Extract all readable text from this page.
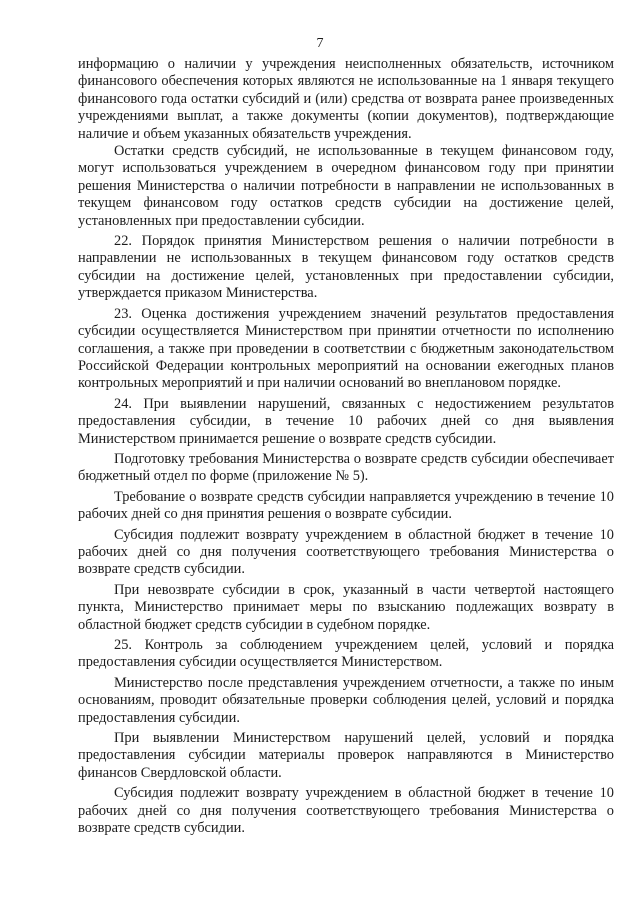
7

информацию о наличии у учреждения неисполненных обязательств, источником финансового обеспечения которых являются не использованные на 1 января текущего финансового года остатки субсидий и (или) средства от возврата ранее произведенных учреждениями выплат, а также документы (копии документов), подтверждающие наличие и объем указанных обязательств учреждения.

Остатки средств субсидий, не использованные в текущем финансовом году, могут использоваться учреждением в очередном финансовом году при принятии решения Министерства о наличии потребности в направлении не использованных в текущем финансовом году остатков средств субсидии на достижение целей, установленных при предоставлении субсидии.

22. Порядок принятия Министерством решения о наличии потребности в направлении не использованных в текущем финансовом году остатков средств субсидии на достижение целей, установленных при предоставлении субсидии, утверждается приказом Министерства.

23. Оценка достижения учреждением значений результатов предоставления субсидии осуществляется Министерством при принятии отчетности по исполнению соглашения, а также при проведении в соответствии с бюджетным законодательством Российской Федерации контрольных мероприятий на основании ежегодных планов контрольных мероприятий и при наличии оснований во внеплановом порядке.

24. При выявлении нарушений, связанных с недостижением результатов предоставления субсидии, в течение 10 рабочих дней со дня выявления Министерством принимается решение о возврате средств субсидии.

Подготовку требования Министерства о возврате средств субсидии обеспечивает бюджетный отдел по форме (приложение № 5).

Требование о возврате средств субсидии направляется учреждению в течение 10 рабочих дней со дня принятия решения о возврате субсидии.

Субсидия подлежит возврату учреждением в областной бюджет в течение 10 рабочих дней со дня получения соответствующего требования Министерства о возврате средств субсидии.

При невозврате субсидии в срок, указанный в части четвертой настоящего пункта, Министерство принимает меры по взысканию подлежащих возврату в областной бюджет средств субсидии в судебном порядке.

25. Контроль за соблюдением учреждением целей, условий и порядка предоставления субсидии осуществляется Министерством.

Министерство после представления учреждением отчетности, а также по иным основаниям, проводит обязательные проверки соблюдения целей, условий и порядка предоставления субсидии.

При выявлении Министерством нарушений целей, условий и порядка предоставления субсидии материалы проверок направляются в Министерство финансов Свердловской области.

Субсидия подлежит возврату учреждением в областной бюджет в течение 10 рабочих дней со дня получения соответствующего требования Министерства о возврате средств субсидии.
